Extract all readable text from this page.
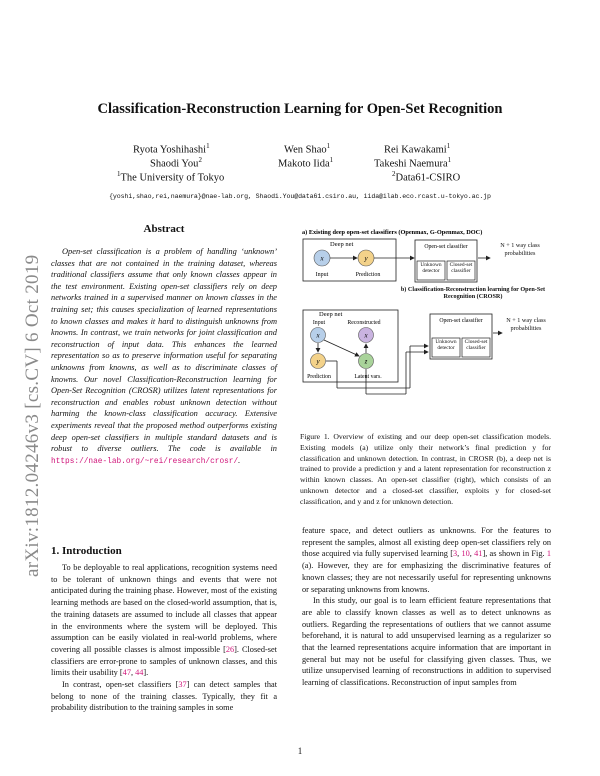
arXiv:1812.04246v3 [cs.CV] 6 Oct 2019
Classification-Reconstruction Learning for Open-Set Recognition
Ryota Yoshihashi$^1$	Wen Shao$^1$	Rei Kawakami$^1$
Shaodi You$^2$	Makoto Iida$^1$	Takeshi Naemura$^1$
$^1$The University of Tokyo	$^2$Data61-CSIRO
{yoshi,shao,rei,naemura}@nae-lab.org, Shaodi.You@data61.csiro.au, iida@ilab.eco.rcast.u-tokyo.ac.jp
Abstract
Open-set classification is a problem of handling ‘unknown’ classes that are not contained in the training dataset, whereas traditional classifiers assume that only known classes appear in the test environment. Existing open-set classifiers rely on deep networks trained in a supervised manner on known classes in the training set; this causes specialization of learned representations to known classes and makes it hard to distinguish unknowns from knowns. In contrast, we train networks for joint classification and reconstruction of input data. This enhances the learned representation so as to preserve information useful for separating unknowns from knowns, as well as to discriminate classes of knowns. Our novel Classification-Reconstruction learning for Open-Set Recognition (CROSR) utilizes latent representations for reconstruction and enables robust unknown detection without harming the known-class classification accuracy. Extensive experiments reveal that the proposed method outperforms existing deep open-set classifiers in multiple standard datasets and is robust to diverse outliers. The code is available in https://nae-lab.org/~rei/research/crosr/.
1. Introduction

To be deployable to real applications, recognition systems need to be tolerant of unknown things and events that were not anticipated during the training phase. However, most of the existing learning methods are based on the closed-world assumption, that is, the training datasets are assumed to include all classes that appear in the environments where the system will be deployed. This assumption can be easily violated in real-world problems, where covering all possible classes is almost impossible [26]. Closed-set classifiers are error-prone to samples of unknown classes, and this limits their usability [47, 44].

In contrast, open-set classifiers [37] can detect samples that belong to none of the training classes. Typically, they fit a probability distribution to the training samples in some

feature space, and detect outliers as unknowns. For the features to represent the samples, almost all existing deep open-set classifiers rely on those acquired via fully supervised learning [3, 10, 41], as shown in Fig. 1 (a). However, they are for emphasizing the discriminative features of known classes; they are not necessarily useful for representing unknowns or separating unknowns from knowns.

In this study, our goal is to learn efficient feature representations that are able to classify known classes as well as to detect unknowns as outliers. Regarding the representations of outliers that we cannot assume beforehand, it is natural to add unsupervised learning as a regularizer so that the learned representations acquire information that are important in general but may not be useful for classifying given classes. Thus, we utilize unsupervised learning of reconstructions in addition to supervised learning of classifications. Reconstruction of input samples from

a) Existing deep open-set classifiers (Openmax, G-Openmax, DOC)
Deep net
x	y
Input	Prediction
Open-set classifier
Unknown detector
Closed-set classifier
N + 1 way class probabilities
b) Classification-Reconstruction learning for Open-Set Recognition (CROSR)
Deep net
Input	Reconstructed
x	x
y	z
Prediction	Latent vars.
Open-set classifier
Unknown detector
Closed-set classifier
N + 1 way class probabilities
Figure 1. Overview of existing and our deep open-set classification models. Existing models (a) utilize only their network’s final prediction y for classification and unknown detection. In contrast, in CROSR (b), a deep net is trained to provide a prediction y and a latent representation for reconstruction z within known classes. An open-set classifier (right), which consists of an unknown detector and a closed-set classifier, exploits y for closed-set classification, and y and z for unknown detection.
1
